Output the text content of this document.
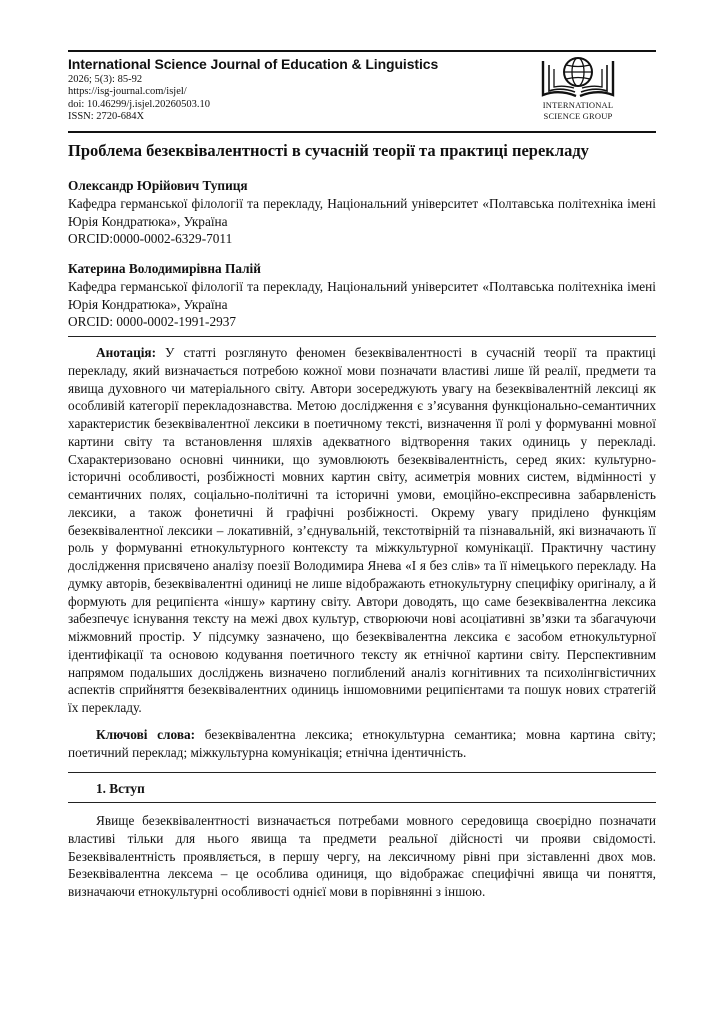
International Science Journal of Education & Linguistics
2026; 5(3): 85-92
https://isg-journal.com/isjel/
doi: 10.46299/j.isjel.20260503.10
ISSN: 2720-684X
INTERNATIONAL
SCIENCE GROUP
Проблема безеквівалентності в сучасній теорії та практиці перекладу
Олександр Юрійович Тупиця
Кафедра германської філології та перекладу, Національний університет «Полтавська політехніка імені Юрія Кондратюка», Україна
ORCID:0000-0002-6329-7011
Катерина Володимирівна Палій
Кафедра германської філології та перекладу, Національний університет «Полтавська політехніка імені Юрія Кондратюка», Україна
ORCID: 0000-0002-1991-2937
Анотація: У статті розглянуто феномен безеквівалентності в сучасній теорії та практиці перекладу, який визначається потребою кожної мови позначати властиві лише їй реалії, предмети та явища духовного чи матеріального світу. Автори зосереджують увагу на безеквівалентній лексиці як особливій категорії перекладознавства. Метою дослідження є з’ясування функціонально-семантичних характеристик безеквівалентної лексики в поетичному тексті, визначення її ролі у формуванні мовної картини світу та встановлення шляхів адекватного відтворення таких одиниць у перекладі. Схарактеризовано основні чинники, що зумовлюють безеквівалентність, серед яких: культурно-історичні особливості, розбіжності мовних картин світу, асиметрія мовних систем, відмінності у семантичних полях, соціально-політичні та історичні умови, емоційно-експресивна забарвленість лексики, а також фонетичні й графічні розбіжності. Окрему увагу приділено функціям безеквівалентної лексики – локативній, з’єднувальній, текстотвірній та пізнавальній, які визначають її роль у формуванні етнокультурного контексту та міжкультурної комунікації. Практичну частину дослідження присвячено аналізу поезії Володимира Янева «І я без слів» та її німецького перекладу. На думку авторів, безеквівалентні одиниці не лише відображають етнокультурну специфіку оригіналу, а й формують для реципієнта «іншу» картину світу. Автори доводять, що саме безеквівалентна лексика забезпечує існування тексту на межі двох культур, створюючи нові асоціативні зв’язки та збагачуючи міжмовний простір. У підсумку зазначено, що безеквівалентна лексика є засобом етнокультурної ідентифікації та основою кодування поетичного тексту як етнічної картини світу. Перспективним напрямом подальших досліджень визначено поглиблений аналіз когнітивних та психолінгвістичних аспектів сприйняття безеквівалентних одиниць іншомовними реципієнтами та пошук нових стратегій їх перекладу.
Ключові слова: безеквівалентна лексика; етнокультурна семантика; мовна картина світу; поетичний переклад; міжкультурна комунікація; етнічна ідентичність.
1. Вступ
Явище безеквівалентності визначається потребами мовного середовища своєрідно позначати властиві тільки для нього явища та предмети реальної дійсності чи прояви свідомості. Безеквівалентність проявляється, в першу чергу, на лексичному рівні при зіставленні двох мов. Безеквівалентна лексема – це особлива одиниця, що відображає специфічні явища чи поняття, визначаючи етнокультурні особливості однієї мови в порівнянні з іншою.
